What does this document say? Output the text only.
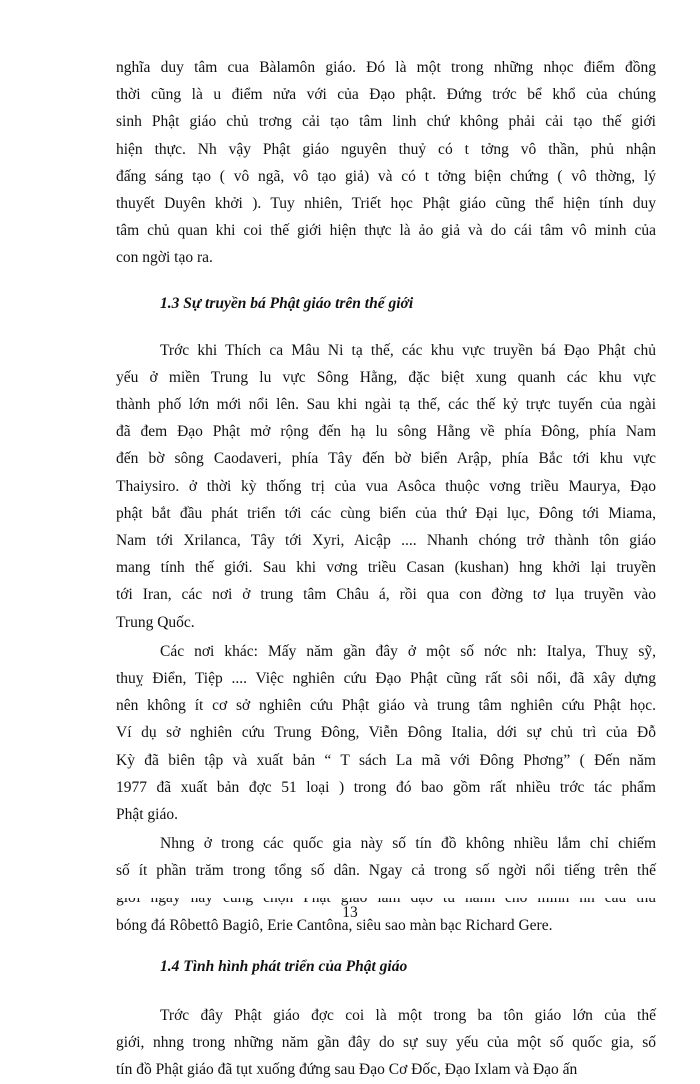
nghĩa duy tâm cua Bàlamôn giáo. Đó là một trong những nhọc điểm đồng
thời cũng là u điểm nửa với của Đạo phật. Đứng trớc bể khổ của chúng
sinh Phật giáo chủ trơng cải tạo tâm linh chứ không phải cải tạo thế giới
hiện thực. Nh vậy Phật giáo nguyên thuỷ có t tởng vô thần, phủ nhận
đấng sáng tạo ( vô ngã, vô tạo giả) và có t tởng biện chứng ( vô thờng, lý
thuyết Duyên khởi ). Tuy nhiên, Triết học Phật giáo cũng thể hiện tính duy
tâm chủ quan khi coi thế giới hiện thực là ảo giả và do cái tâm vô minh của
con ngời tạo ra.
1.3 Sự truyền bá Phật giáo trên thế giới
Trớc khi Thích ca Mâu Ni tạ thế, các khu vực truyền bá Đạo Phật chủ
yếu ở miền Trung lu vực Sông Hằng, đặc biệt xung quanh các khu vực
thành phố lớn mới nổi lên. Sau khi ngài tạ thế, các thế kỷ trực tuyến của ngài
đã đem Đạo Phật mở rộng đến hạ lu sông Hằng về phía Đông, phía Nam
đến bờ sông Caodaveri, phía Tây đến bờ biển Arập, phía Bắc tới khu vực
Thaiysiro. ở thời kỳ thống trị của vua Asôca thuộc vơng triều Maurya, Đạo
phật bắt đầu phát triển tới các cùng biển của thứ Đại lục, Đông tới Miama,
Nam tới Xrilanca, Tây tới Xyri, Aicập .... Nhanh chóng trở thành tôn giáo
mang tính thế giới. Sau khi vơng triều Casan (kushan) hng khởi lại truyền
tới Iran, các nơi ở trung tâm Châu á, rồi qua con đờng tơ lụa truyền vào
Trung Quốc.
Các nơi khác: Mấy năm gần đây ở một số nớc nh: Italya, Thuỵ sỹ,
thuỵ Điển, Tiệp .... Việc nghiên cứu Đạo Phật cũng rất sôi nổi, đã xây dựng
nên không ít cơ sở nghiên cứu Phật giáo và trung tâm nghiên cứu Phật học.
Ví dụ sở nghiên cứu Trung Đông, Viễn Đông Italia, dới sự chủ trì của Đỗ
Kỳ đã biên tập và xuất bản “ T sách La mã với Đông Phơng” ( Đến năm
1977 đã xuất bản đợc 51 loại ) trong đó bao gồm rất nhiều trớc tác phẩm
Phật giáo.
Nhng ở trong các quốc gia này số tín đồ không nhiều lắm chỉ chiếm
số ít phần trăm trong tổng số dân. Ngay cả trong số ngời nổi tiếng trên thế
bóng đá Rôbettô Bagiô, Erie Cantôna, siêu sao màn bạc Richard Gere.
1.4 Tình hình phát triển của Phật giáo
Trớc đây Phật giáo đợc coi là một trong ba tôn giáo lớn của thế
giới, nhng trong những năm gần đây do sự suy yếu của một số quốc gia, số
tín đồ Phật giáo đã tụt xuống đứng sau Đạo Cơ Đốc, Đạo Ixlam và Đạo ấn
13
